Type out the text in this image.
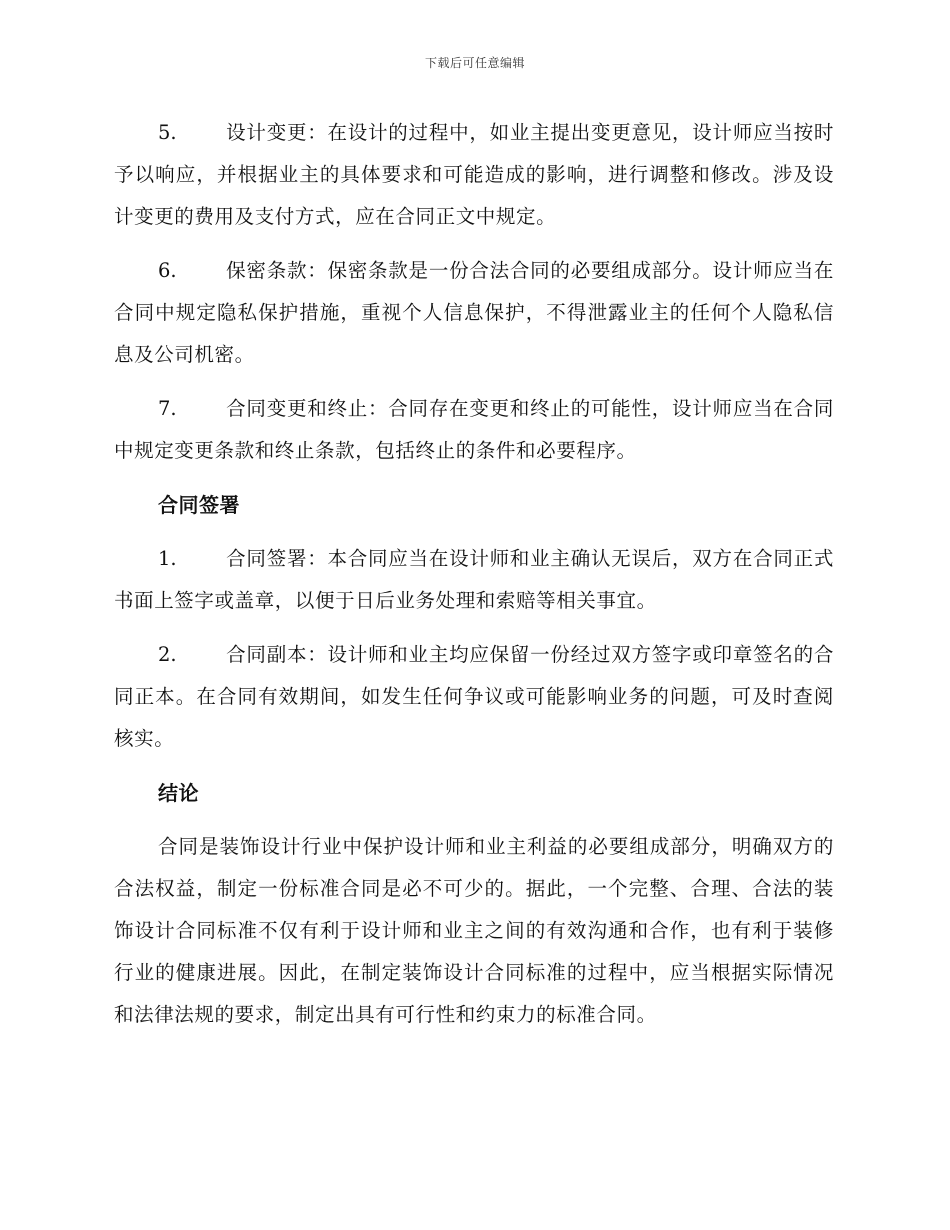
下载后可任意编辑

5.	设计变更：在设计的过程中，如业主提出变更意见，设计师应当按时予以响应，并根据业主的具体要求和可能造成的影响，进行调整和修改。涉及设计变更的费用及支付方式，应在合同正文中规定。

6.	保密条款：保密条款是一份合法合同的必要组成部分。设计师应当在合同中规定隐私保护措施，重视个人信息保护，不得泄露业主的任何个人隐私信息及公司机密。

7.	合同变更和终止：合同存在变更和终止的可能性，设计师应当在合同中规定变更条款和终止条款，包括终止的条件和必要程序。

合同签署

1.	合同签署：本合同应当在设计师和业主确认无误后，双方在合同正式书面上签字或盖章，以便于日后业务处理和索赔等相关事宜。

2.	合同副本：设计师和业主均应保留一份经过双方签字或印章签名的合同正本。在合同有效期间，如发生任何争议或可能影响业务的问题，可及时查阅核实。

结论

合同是装饰设计行业中保护设计师和业主利益的必要组成部分，明确双方的合法权益，制定一份标准合同是必不可少的。据此，一个完整、合理、合法的装饰设计合同标准不仅有利于设计师和业主之间的有效沟通和合作，也有利于装修行业的健康进展。因此，在制定装饰设计合同标准的过程中，应当根据实际情况和法律法规的要求，制定出具有可行性和约束力的标准合同。
